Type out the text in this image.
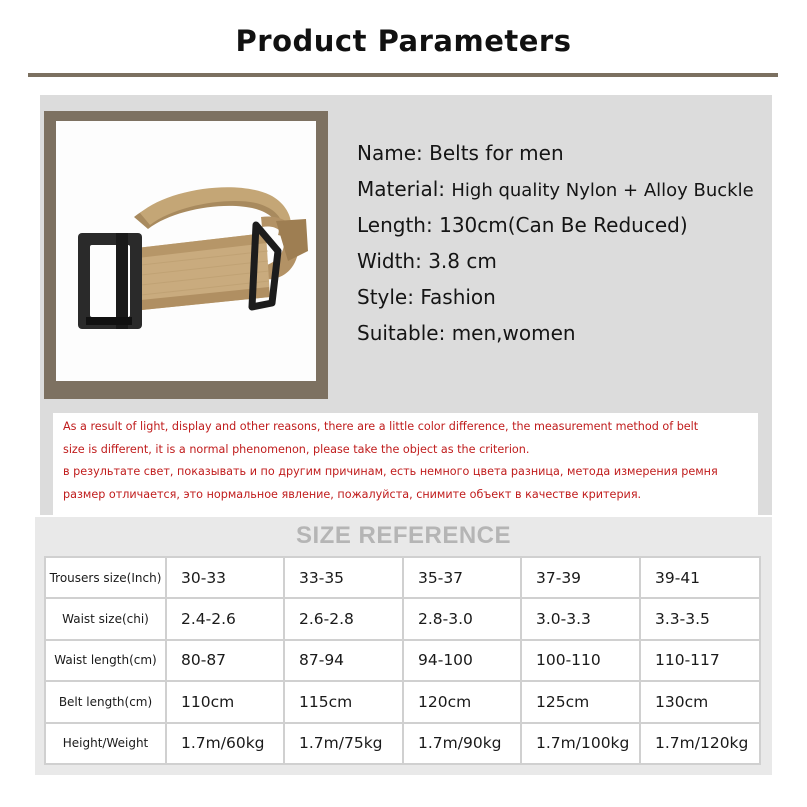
Product Parameters
Name: Belts for men
Material: High quality Nylon + Alloy Buckle
Length: 130cm(Can Be Reduced)
Width: 3.8 cm
Style: Fashion
Suitable: men,women

As a result of light, display and other reasons, there are a little color difference, the measurement method of belt

size is different, it is a normal phenomenon, please take the object as the criterion.

в результате свет, показывать и по другим причинам, есть немного цвета разница, метода измерения ремня

размер отличается, это нормальное явление, пожалуйста, снимите объект в качестве критерия.

SIZE REFERENCE
Trousers size(Inch)	30-33	33-35	35-37	37-39	39-41
Waist size(chi)	2.4-2.6	2.6-2.8	2.8-3.0	3.0-3.3	3.3-3.5
Waist length(cm)	80-87	87-94	94-100	100-110	110-117
Belt length(cm)	110cm	115cm	120cm	125cm	130cm
Height/Weight	1.7m/60kg	1.7m/75kg	1.7m/90kg	1.7m/100kg	1.7m/120kg
